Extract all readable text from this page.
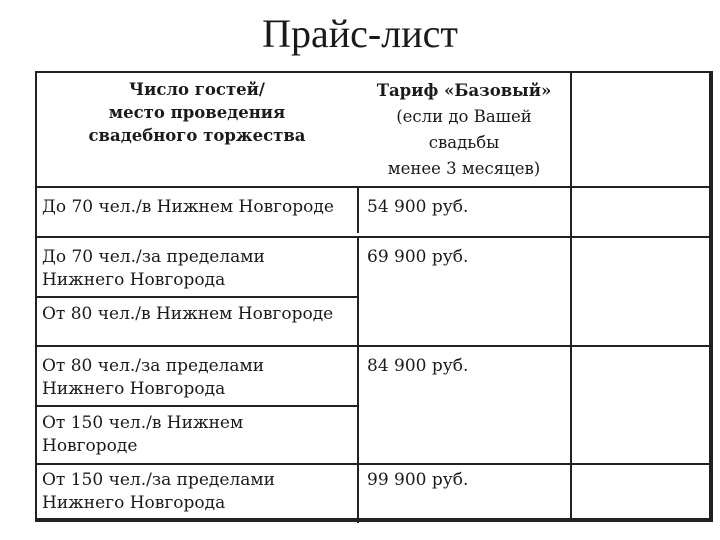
Прайс-лист
Число гостей/
место проведения
свадебного торжества
Тариф «Базовый»
(если до Вашей
свадьбы
менее 3 месяцев)
До 70 чел./в Нижнем Новгороде 54 900 руб.
До 70 чел./за пределами
Нижнего Новгорода
69 900 руб.
От 80 чел./в Нижнем Новгороде
От 80 чел./за пределами
Нижнего Новгорода
84 900 руб.
От 150 чел./в Нижнем
Новгороде
От 150 чел./за пределами
Нижнего Новгорода
99 900 руб.
